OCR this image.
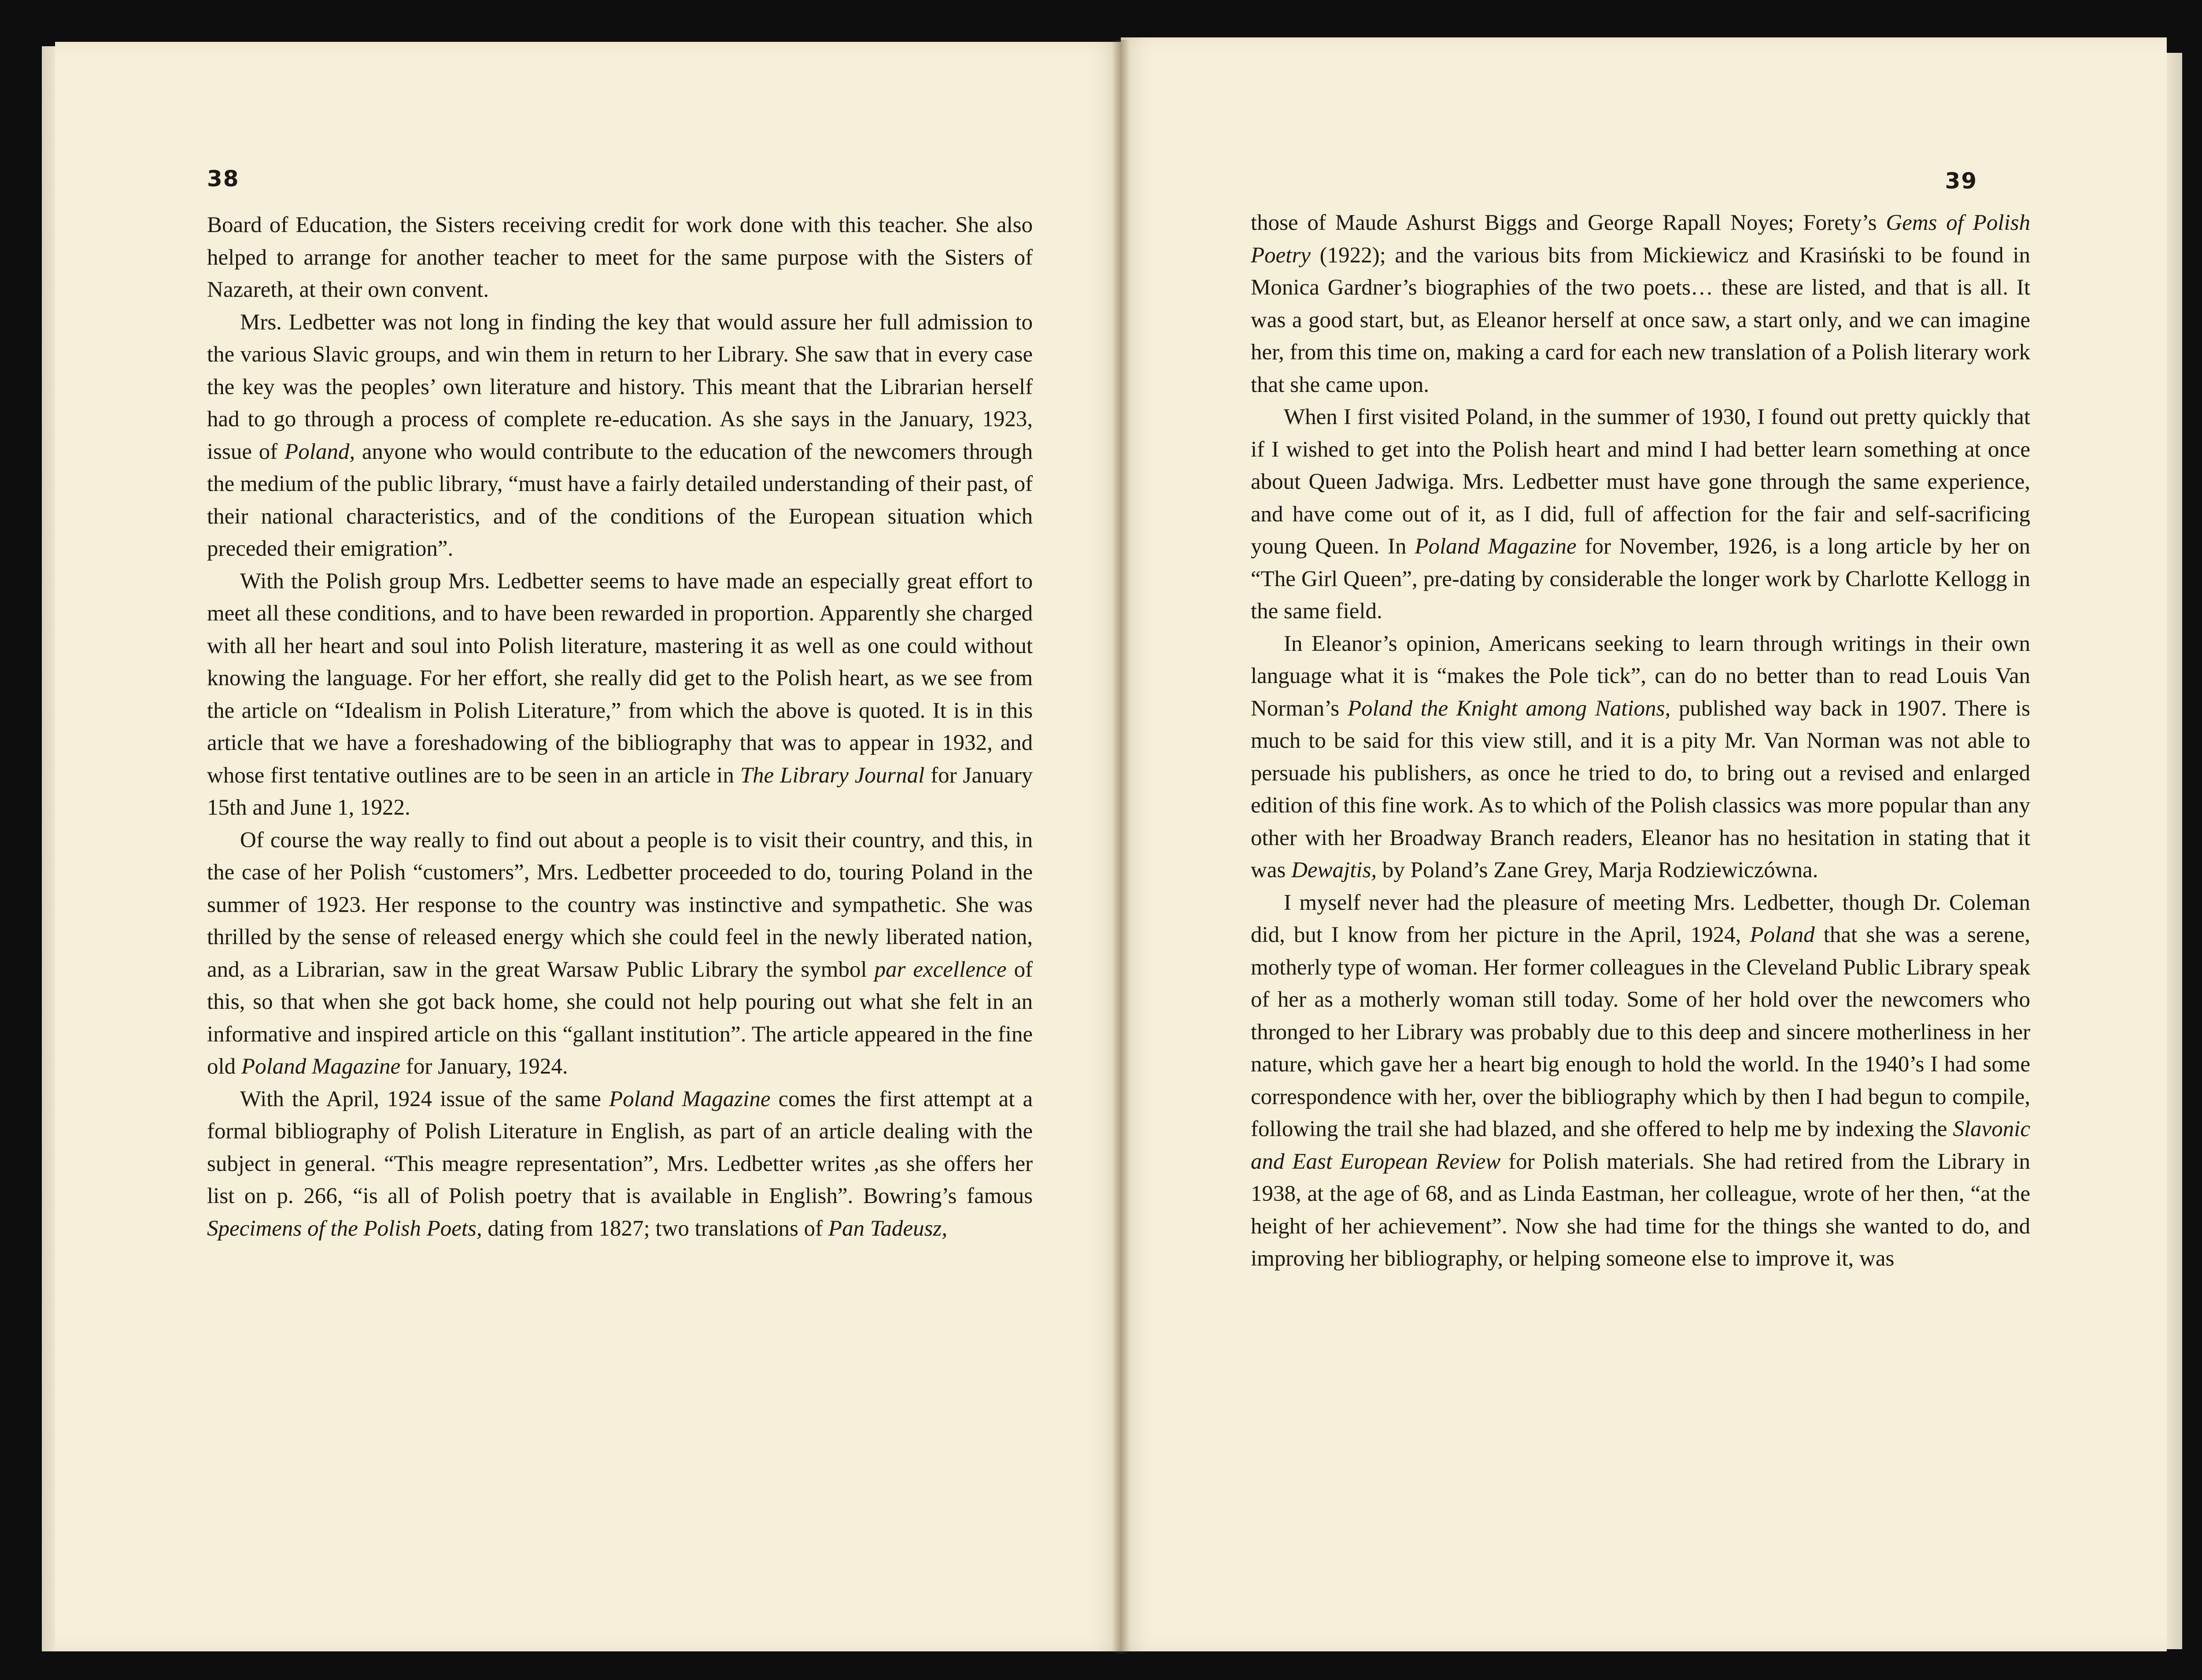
38

Board of Education, the Sisters receiving credit for work done with this teacher. She also helped to arrange for another teacher to meet for the same purpose with the Sisters of Nazareth, at their own convent.

Mrs. Ledbetter was not long in finding the key that would assure her full admission to the various Slavic groups, and win them in return to her Library. She saw that in every case the key was the peoples’ own literature and history. This meant that the Librarian herself had to go through a process of complete re-education. As she says in the January, 1923, issue of Poland, anyone who would contribute to the education of the newcomers through the medium of the public library, “must have a fairly detailed understanding of their past, of their national characteristics, and of the conditions of the European situation which preceded their emigration”.

With the Polish group Mrs. Ledbetter seems to have made an especially great effort to meet all these conditions, and to have been rewarded in proportion. Apparently she charged with all her heart and soul into Polish literature, mastering it as well as one could without knowing the language. For her effort, she really did get to the Polish heart, as we see from the article on “Idealism in Polish Literature,” from which the above is quoted. It is in this article that we have a foreshadowing of the bibliography that was to appear in 1932, and whose first tentative outlines are to be seen in an article in The Library Journal for January 15th and June 1, 1922.

Of course the way really to find out about a people is to visit their country, and this, in the case of her Polish “customers”, Mrs. Ledbetter proceeded to do, touring Poland in the summer of 1923. Her response to the country was instinctive and sympathetic. She was thrilled by the sense of released energy which she could feel in the newly liberated nation, and, as a Librarian, saw in the great Warsaw Public Library the symbol par excellence of this, so that when she got back home, she could not help pouring out what she felt in an informative and inspired article on this “gallant institution”. The article appeared in the fine old Poland Magazine for January, 1924.

With the April, 1924 issue of the same Poland Magazine comes the first attempt at a formal bibliography of Polish Literature in English, as part of an article dealing with the subject in general. “This meagre representation”, Mrs. Ledbetter writes ,as she offers her list on p. 266, “is all of Polish poetry that is available in English”. Bowring’s famous Specimens of the Polish Poets, dating from 1827; two translations of Pan Tadeusz,

39

those of Maude Ashurst Biggs and George Rapall Noyes; Forety’s Gems of Polish Poetry (1922); and the various bits from Mickiewicz and Krasiński to be found in Monica Gardner’s biographies of the two poets… these are listed, and that is all. It was a good start, but, as Eleanor herself at once saw, a start only, and we can imagine her, from this time on, making a card for each new translation of a Polish literary work that she came upon.

When I first visited Poland, in the summer of 1930, I found out pretty quickly that if I wished to get into the Polish heart and mind I had better learn something at once about Queen Jadwiga. Mrs. Ledbetter must have gone through the same experience, and have come out of it, as I did, full of affection for the fair and self-sacrificing young Queen. In Poland Magazine for November, 1926, is a long article by her on “The Girl Queen”, pre-dating by considerable the longer work by Charlotte Kellogg in the same field.

In Eleanor’s opinion, Americans seeking to learn through writings in their own language what it is “makes the Pole tick”, can do no better than to read Louis Van Norman’s Poland the Knight among Nations, published way back in 1907. There is much to be said for this view still, and it is a pity Mr. Van Norman was not able to persuade his publishers, as once he tried to do, to bring out a revised and enlarged edition of this fine work. As to which of the Polish classics was more popular than any other with her Broadway Branch readers, Eleanor has no hesitation in stating that it was Dewajtis, by Poland’s Zane Grey, Marja Rodziewiczówna.

I myself never had the pleasure of meeting Mrs. Ledbetter, though Dr. Coleman did, but I know from her picture in the April, 1924, Poland that she was a serene, motherly type of woman. Her former colleagues in the Cleveland Public Library speak of her as a motherly woman still today. Some of her hold over the newcomers who thronged to her Library was probably due to this deep and sincere motherliness in her nature, which gave her a heart big enough to hold the world. In the 1940’s I had some correspondence with her, over the bibliography which by then I had begun to compile, following the trail she had blazed, and she offered to help me by indexing the Slavonic and East European Review for Polish materials. She had retired from the Library in 1938, at the age of 68, and as Linda Eastman, her colleague, wrote of her then, “at the height of her achievement”. Now she had time for the things she wanted to do, and improving her bibliography, or helping someone else to improve it, was
